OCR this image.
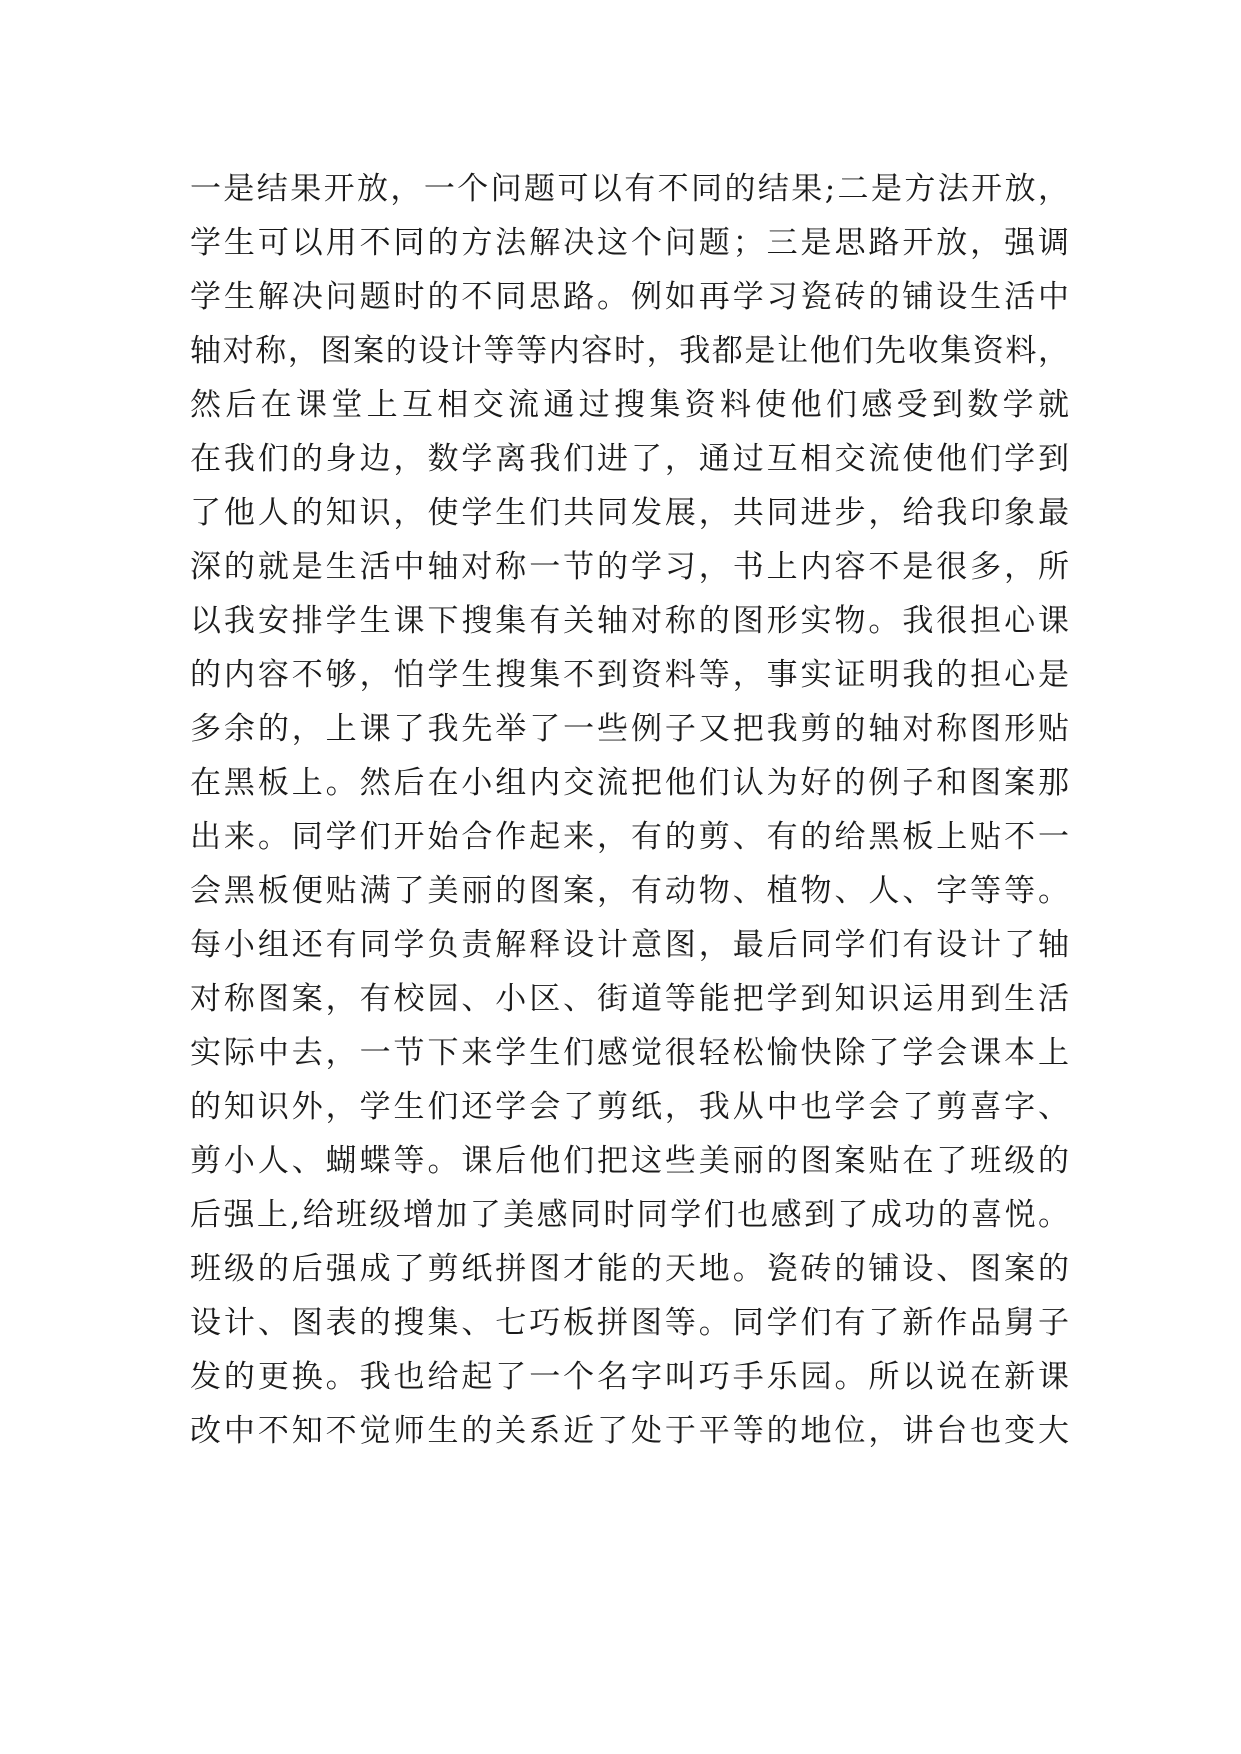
一是结果开放，一个问题可以有不同的结果;二是方法开放，
学生可以用不同的方法解决这个问题；三是思路开放，强调
学生解决问题时的不同思路。例如再学习瓷砖的铺设生活中
轴对称，图案的设计等等内容时，我都是让他们先收集资料，
然后在课堂上互相交流通过搜集资料使他们感受到数学就
在我们的身边，数学离我们进了，通过互相交流使他们学到
了他人的知识，使学生们共同发展，共同进步，给我印象最
深的就是生活中轴对称一节的学习，书上内容不是很多，所
以我安排学生课下搜集有关轴对称的图形实物。我很担心课
的内容不够，怕学生搜集不到资料等，事实证明我的担心是
多余的，上课了我先举了一些例子又把我剪的轴对称图形贴
在黑板上。然后在小组内交流把他们认为好的例子和图案那
出来。同学们开始合作起来，有的剪、有的给黑板上贴不一
会黑板便贴满了美丽的图案，有动物、植物、人、字等等。
每小组还有同学负责解释设计意图，最后同学们有设计了轴
对称图案，有校园、小区、街道等能把学到知识运用到生活
实际中去，一节下来学生们感觉很轻松愉快除了学会课本上
的知识外，学生们还学会了剪纸，我从中也学会了剪喜字、
剪小人、蝴蝶等。课后他们把这些美丽的图案贴在了班级的
后强上,给班级增加了美感同时同学们也感到了成功的喜悦。
班级的后强成了剪纸拼图才能的天地。瓷砖的铺设、图案的
设计、图表的搜集、七巧板拼图等。同学们有了新作品舅子
发的更换。我也给起了一个名字叫巧手乐园。所以说在新课
改中不知不觉师生的关系近了处于平等的地位，讲台也变大
